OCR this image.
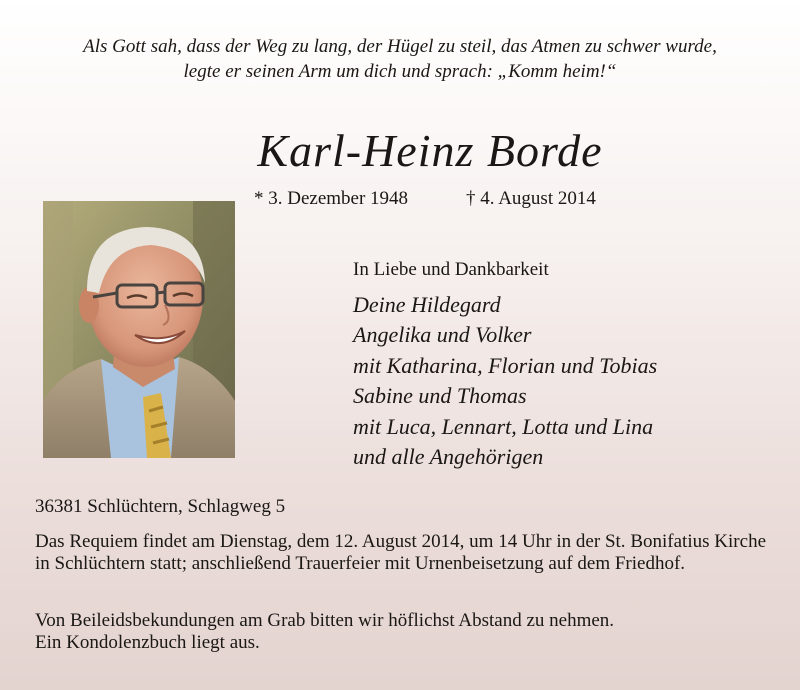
Als Gott sah, dass der Weg zu lang, der Hügel zu steil, das Atmen zu schwer wurde,
legte er seinen Arm um dich und sprach: „Komm heim!“
Karl-Heinz Borde
* 3. Dezember 1948	† 4. August 2014
In Liebe und Dankbarkeit
Deine Hildegard
Angelika und Volker
mit Katharina, Florian und Tobias
Sabine und Thomas
mit Luca, Lennart, Lotta und Lina
und alle Angehörigen
36381 Schlüchtern, Schlagweg 5

Das Requiem findet am Dienstag, dem 12. August 2014, um 14 Uhr in der St. Bonifatius Kirche in Schlüchtern statt; anschließend Trauerfeier mit Urnenbeisetzung auf dem Friedhof.

Von Beileidsbekundungen am Grab bitten wir höflichst Abstand zu nehmen.
Ein Kondolenzbuch liegt aus.
